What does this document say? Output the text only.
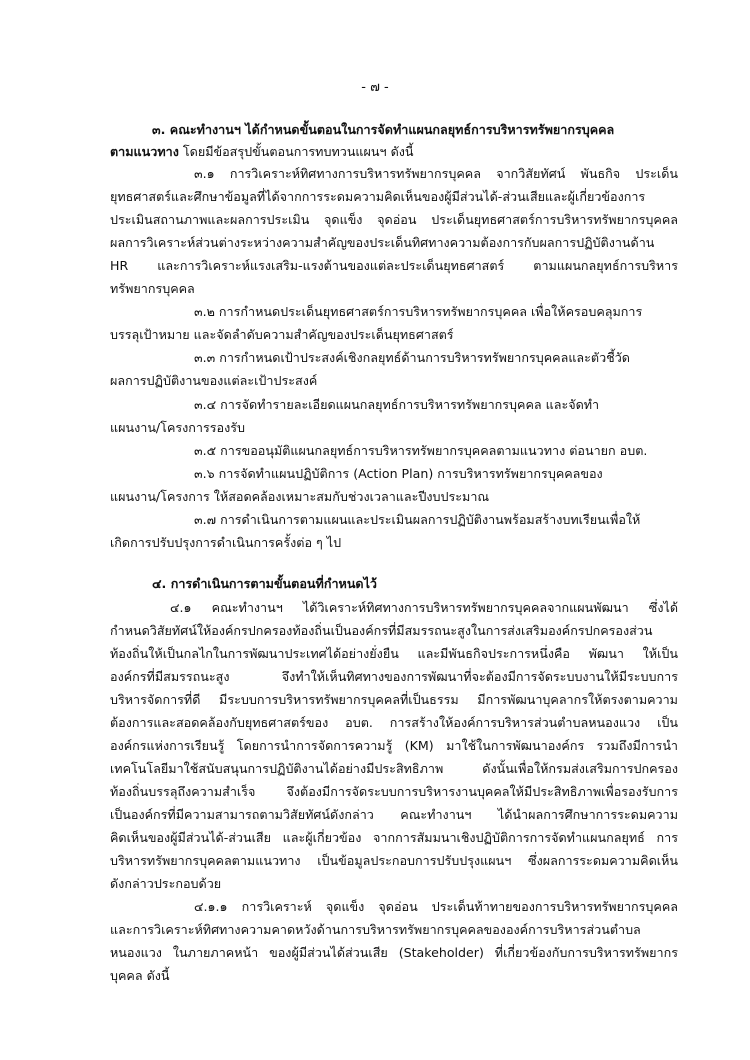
- ๗ -
๓. คณะทำงานฯ ได้กำหนดขั้นตอนในการจัดทำแผนกลยุทธ์การบริหารทรัพยากรบุคคล
ตามแนวทาง โดยมีข้อสรุปขั้นตอนการทบทวนแผนฯ ดังนี้
๓.๑ การวิเคราะห์ทิศทางการบริหารทรัพยากรบุคคล จากวิสัยทัศน์ พันธกิจ ประเด็น
ยุทธศาสตร์และศึกษาข้อมูลที่ได้จากการระดมความคิดเห็นของผู้มีส่วนได้-ส่วนเสียและผู้เกี่ยวข้องการ
ประเมินสถานภาพและผลการประเมิน จุดแข็ง จุดอ่อน ประเด็นยุทธศาสตร์การบริหารทรัพยากรบุคคล
ผลการวิเคราะห์ส่วนต่างระหว่างความสำคัญของประเด็นทิศทางความต้องการกับผลการปฏิบัติงานด้าน
HR และการวิเคราะห์แรงเสริม-แรงต้านของแต่ละประเด็นยุทธศาสตร์ ตามแผนกลยุทธ์การบริหาร
ทรัพยากรบุคคล
๓.๒ การกำหนดประเด็นยุทธศาสตร์การบริหารทรัพยากรบุคคล เพื่อให้ครอบคลุมการ
บรรลุเป้าหมาย และจัดลำดับความสำคัญของประเด็นยุทธศาสตร์
๓.๓ การกำหนดเป้าประสงค์เชิงกลยุทธ์ด้านการบริหารทรัพยากรบุคคลและตัวชี้วัด
ผลการปฏิบัติงานของแต่ละเป้าประสงค์
๓.๔ การจัดทำรายละเอียดแผนกลยุทธ์การบริหารทรัพยากรบุคคล และจัดทำ
แผนงาน/โครงการรองรับ
๓.๕ การขออนุมัติแผนกลยุทธ์การบริหารทรัพยากรบุคคลตามแนวทาง ต่อนายก อบต.
๓.๖ การจัดทำแผนปฏิบัติการ (Action Plan) การบริหารทรัพยากรบุคคลของ
แผนงาน/โครงการ ให้สอดคล้องเหมาะสมกับช่วงเวลาและปีงบประมาณ
๓.๗ การดำเนินการตามแผนและประเมินผลการปฏิบัติงานพร้อมสร้างบทเรียนเพื่อให้
เกิดการปรับปรุงการดำเนินการครั้งต่อ ๆ ไป
๔. การดำเนินการตามขั้นตอนที่กำหนดไว้
๔.๑ คณะทำงานฯ ได้วิเคราะห์ทิศทางการบริหารทรัพยากรบุคคลจากแผนพัฒนา ซึ่งได้
กำหนดวิสัยทัศน์ให้องค์กรปกครองท้องถิ่นเป็นองค์กรที่มีสมรรถนะสูงในการส่งเสริมองค์กรปกครองส่วน
ท้องถิ่นให้เป็นกลไกในการพัฒนาประเทศได้อย่างยั่งยืน และมีพันธกิจประการหนึ่งคือ พัฒนา ให้เป็น
องค์กรที่มีสมรรถนะสูง จึงทำให้เห็นทิศทางของการพัฒนาที่จะต้องมีการจัดระบบงานให้มีระบบการ
บริหารจัดการที่ดี มีระบบการบริหารทรัพยากรบุคคลที่เป็นธรรม มีการพัฒนาบุคลากรให้ตรงตามความ
ต้องการและสอดคล้องกับยุทธศาสตร์ของ อบต. การสร้างให้องค์การบริหารส่วนตำบลหนองแวง เป็น
องค์กรแห่งการเรียนรู้ โดยการนำการจัดการความรู้ (KM) มาใช้ในการพัฒนาองค์กร รวมถึงมีการนำ
เทคโนโลยีมาใช้สนับสนุนการปฏิบัติงานได้อย่างมีประสิทธิภาพ ดังนั้นเพื่อให้กรมส่งเสริมการปกครอง
ท้องถิ่นบรรลุถึงความสำเร็จ จึงต้องมีการจัดระบบการบริหารงานบุคคลให้มีประสิทธิภาพเพื่อรองรับการ
เป็นองค์กรที่มีความสามารถตามวิสัยทัศน์ดังกล่าว คณะทำงานฯ ได้นำผลการศึกษาการระดมความ
คิดเห็นของผู้มีส่วนได้-ส่วนเสีย และผู้เกี่ยวข้อง จากการสัมมนาเชิงปฏิบัติการการจัดทำแผนกลยุทธ์ การ
บริหารทรัพยากรบุคคลตามแนวทาง เป็นข้อมูลประกอบการปรับปรุงแผนฯ ซึ่งผลการระดมความคิดเห็น
ดังกล่าวประกอบด้วย
๔.๑.๑ การวิเคราะห์ จุดแข็ง จุดอ่อน ประเด็นท้าทายของการบริหารทรัพยากรบุคคล
และการวิเคราะห์ทิศทางความคาดหวังด้านการบริหารทรัพยากรบุคคลขององค์การบริหารส่วนตำบล
หนองแวง ในภายภาคหน้า ของผู้มีส่วนได้ส่วนเสีย (Stakeholder) ที่เกี่ยวข้องกับการบริหารทรัพยากร
บุคคล ดังนี้
